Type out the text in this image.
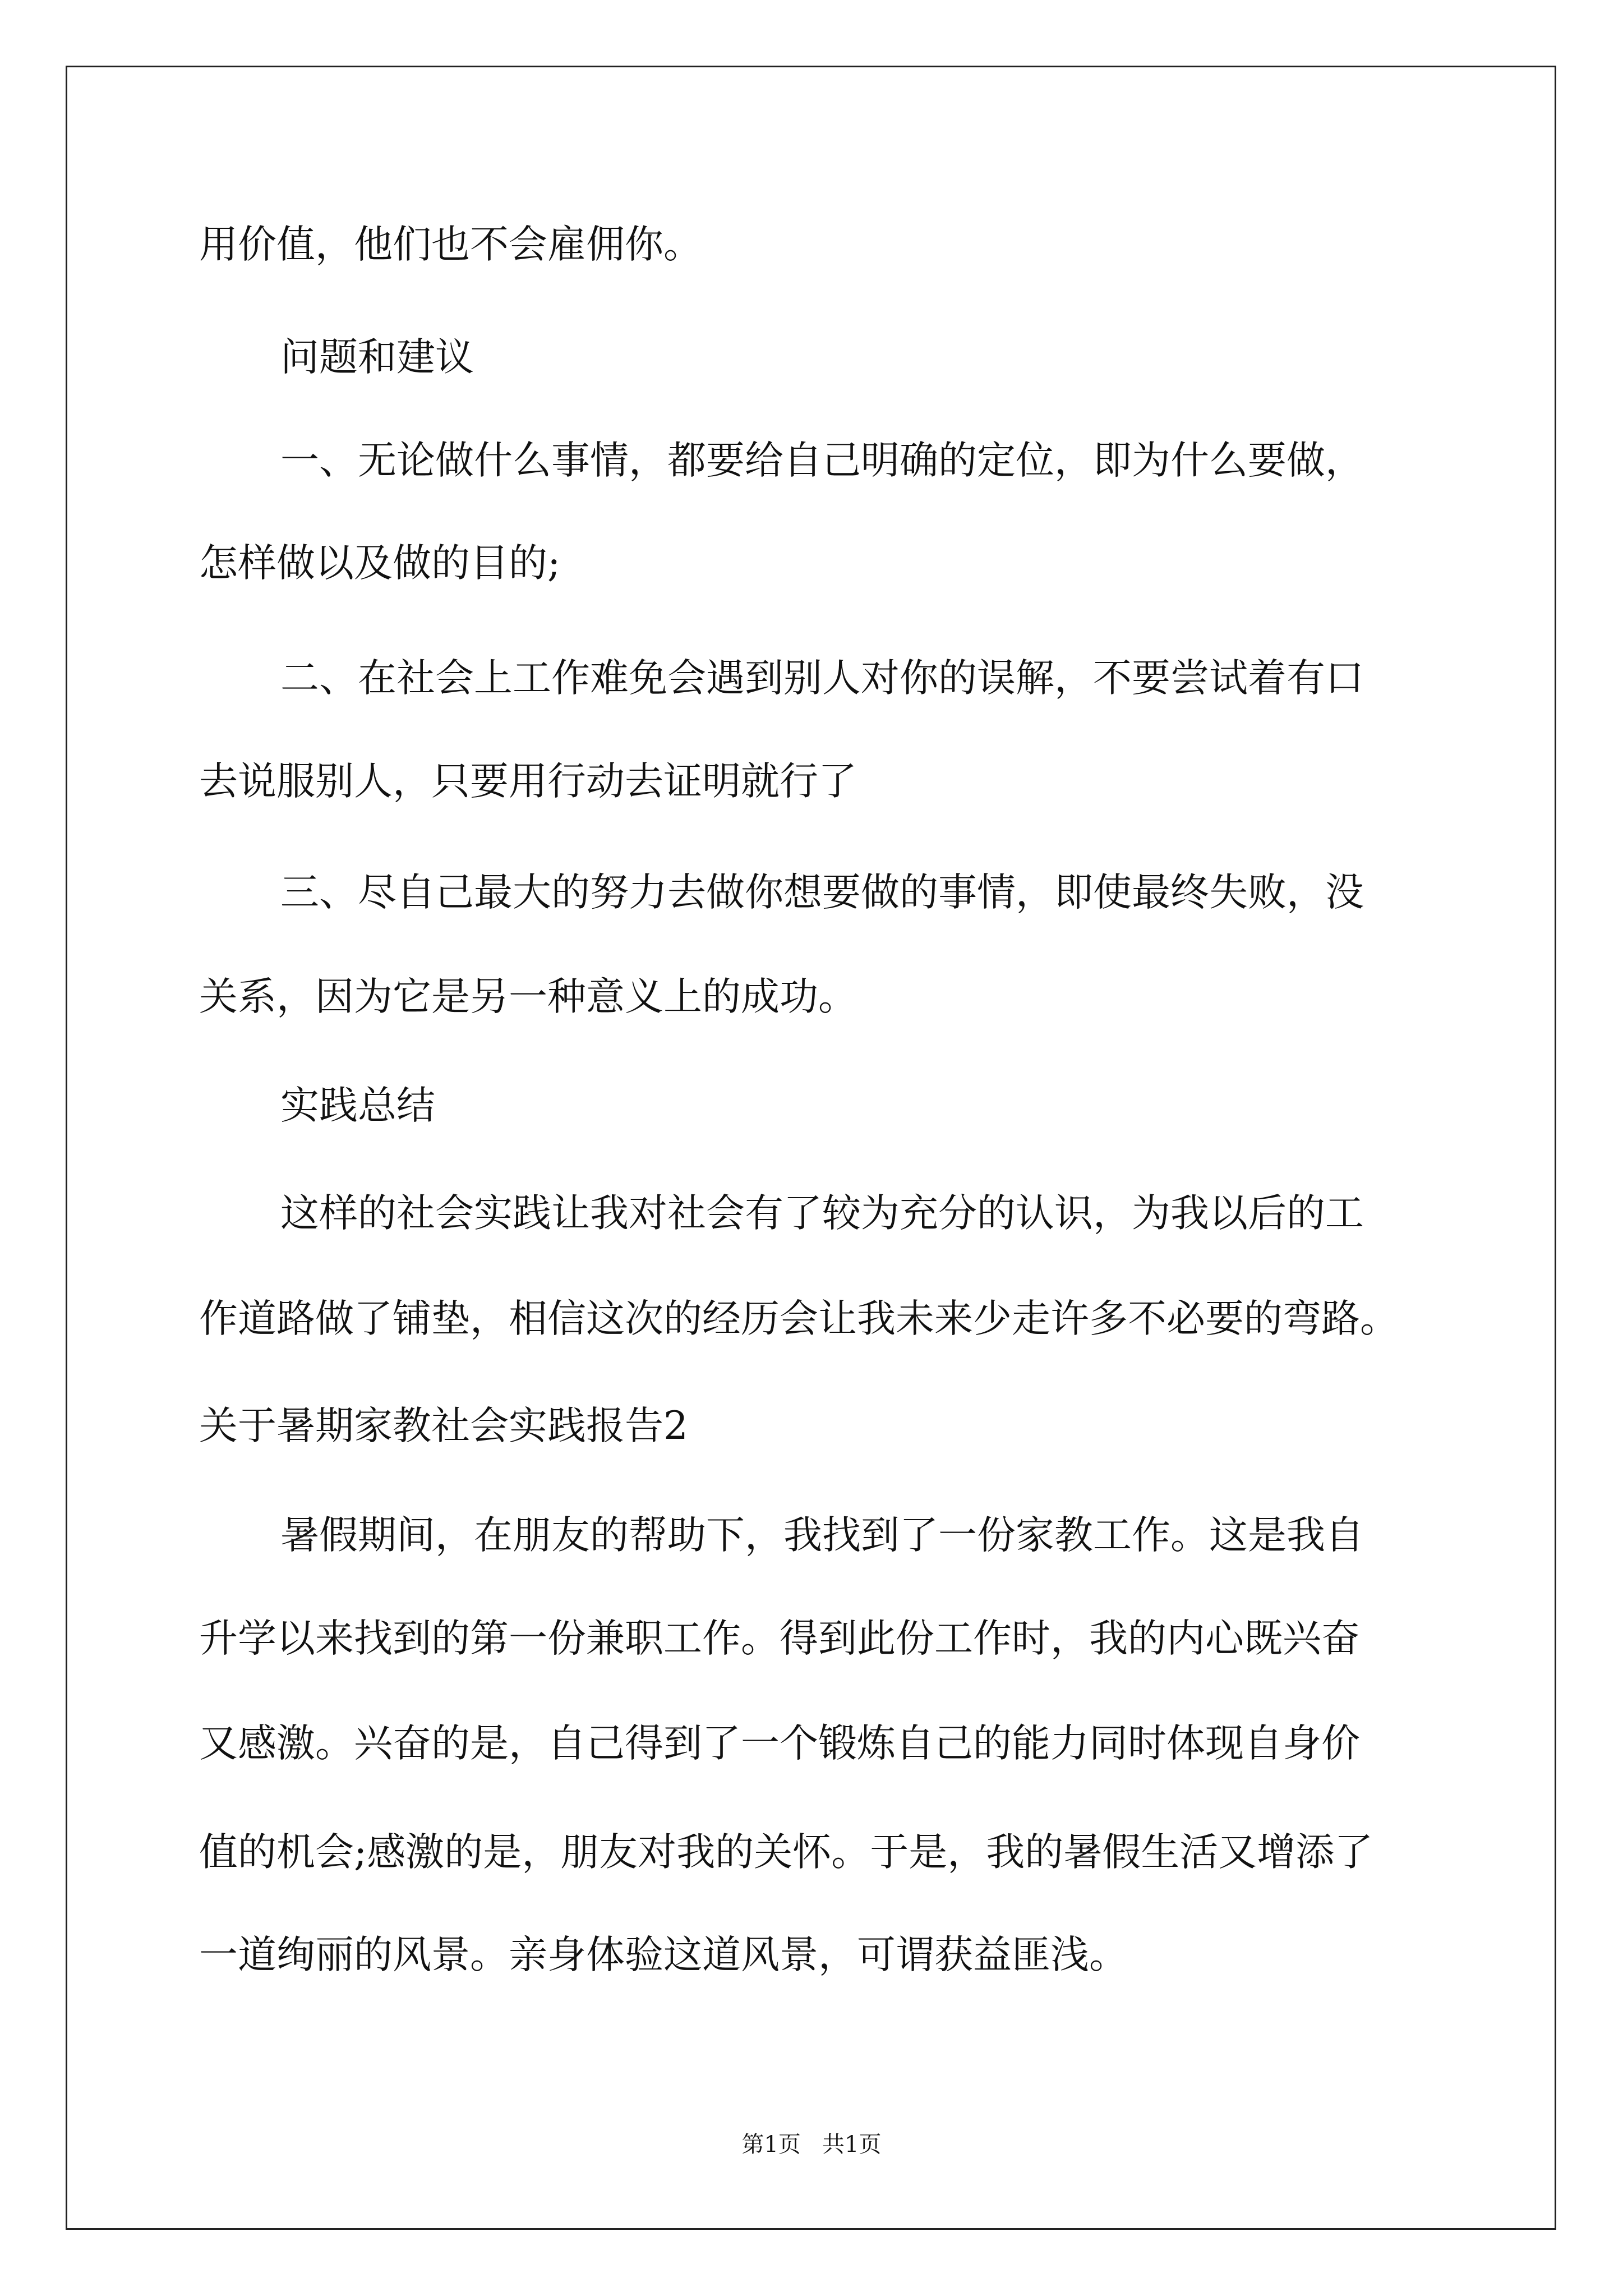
用价值，他们也不会雇佣你。
问题和建议
一、无论做什么事情，都要给自己明确的定位，即为什么要做，
怎样做以及做的目的;
二、在社会上工作难免会遇到别人对你的误解，不要尝试着有口
去说服别人，只要用行动去证明就行了
三、尽自己最大的努力去做你想要做的事情，即使最终失败，没
关系，因为它是另一种意义上的成功。
实践总结
这样的社会实践让我对社会有了较为充分的认识，为我以后的工
作道路做了铺垫，相信这次的经历会让我未来少走许多不必要的弯路。
关于暑期家教社会实践报告2
暑假期间，在朋友的帮助下，我找到了一份家教工作。这是我自
升学以来找到的第一份兼职工作。得到此份工作时，我的内心既兴奋
又感激。兴奋的是，自己得到了一个锻炼自己的能力同时体现自身价
值的机会;感激的是，朋友对我的关怀。于是，我的暑假生活又增添了
一道绚丽的风景。亲身体验这道风景，可谓获益匪浅。
第1页   共1页
